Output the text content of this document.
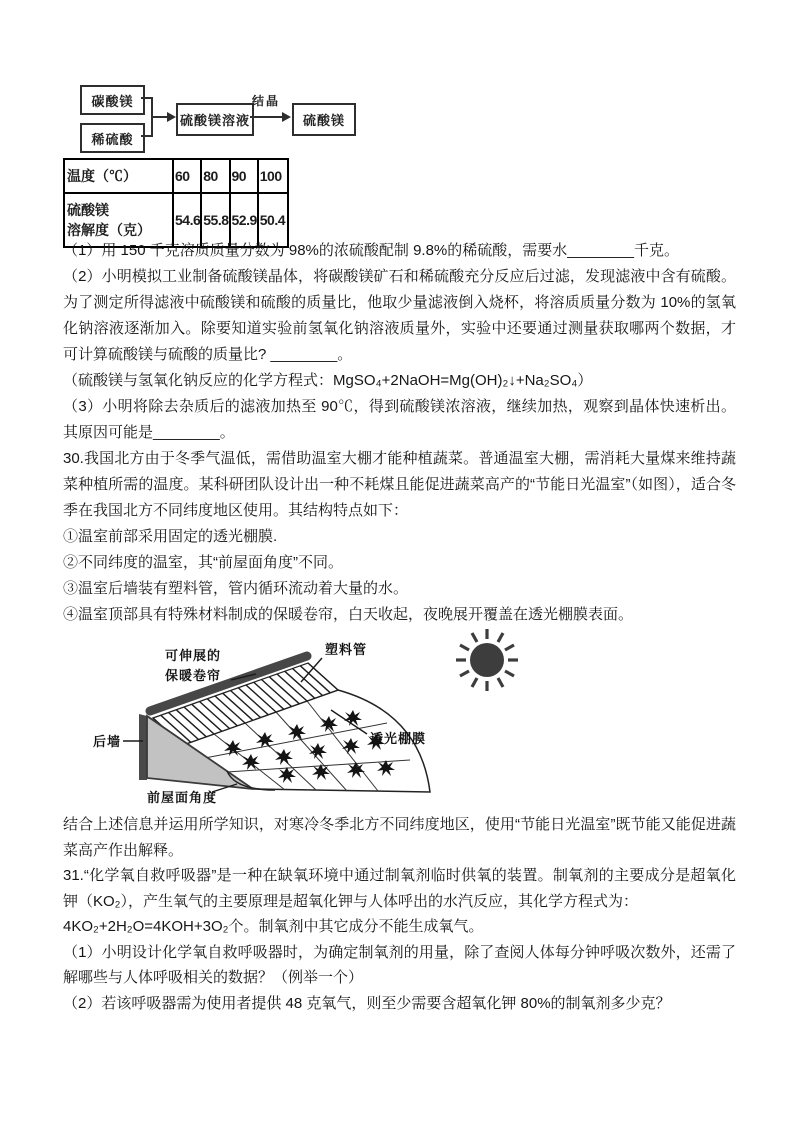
碳酸镁
稀硫酸
硫酸镁溶液
结晶
硫酸镁
温度（℃）	60	80	90	100

硫酸镁
溶解度（克）	54.6	55.8	52.9	50.4

（1）用 150 千克溶质质量分数为 98%的浓硫酸配制 9.8%的稀硫酸，需要水________千克。

（2）小明模拟工业制备硫酸镁晶体，将碳酸镁矿石和稀硫酸充分反应后过滤，发现滤液中含有硫酸。为了测定所得滤液中硫酸镁和硫酸的质量比，他取少量滤液倒入烧杯，将溶质质量分数为 10%的氢氧化钠溶液逐渐加入。除要知道实验前氢氧化钠溶液质量外，实验中还要通过测量获取哪两个数据，才可计算硫酸镁与硫酸的质量比? ________。

（硫酸镁与氢氧化钠反应的化学方程式：MgSO₄+2NaOH=Mg(OH)₂↓+Na₂SO₄）

（3）小明将除去杂质后的滤液加热至 90℃，得到硫酸镁浓溶液，继续加热，观察到晶体快速析出。其原因可能是________。

30.我国北方由于冬季气温低，需借助温室大棚才能种植蔬菜。普通温室大棚，需消耗大量煤来维持蔬菜种植所需的温度。某科研团队设计出一种不耗煤且能促进蔬菜高产的“节能日光温室”（如图），适合冬季在我国北方不同纬度地区使用。其结构特点如下：

①温室前部采用固定的透光棚膜.

②不同纬度的温室，其“前屋面角度”不同。

③温室后墙装有塑料管，管内循环流动着大量的水。

④温室顶部具有特殊材料制成的保暖卷帘，白天收起，夜晚展开覆盖在透光棚膜表面。

可伸展的
保暖卷帘
塑料管
后墙	透光棚膜
前屋面角度

结合上述信息并运用所学知识，对寒冷冬季北方不同纬度地区，使用“节能日光温室”既节能又能促进蔬菜高产作出解释。

31.“化学氧自救呼吸器”是一种在缺氧环境中通过制氧剂临时供氧的装置。制氧剂的主要成分是超氧化钾（KO₂），产生氧气的主要原理是超氧化钾与人体呼出的水汽反应，其化学方程式为：

4KO₂+2H₂O=4KOH+3O₂个。制氧剂中其它成分不能生成氧气。

（1）小明设计化学氧自救呼吸器时，为确定制氧剂的用量，除了查阅人体每分钟呼吸次数外，还需了解哪些与人体呼吸相关的数据？（例举一个）

（2）若该呼吸器需为使用者提供 48 克氧气，则至少需要含超氧化钾 80%的制氧剂多少克？
